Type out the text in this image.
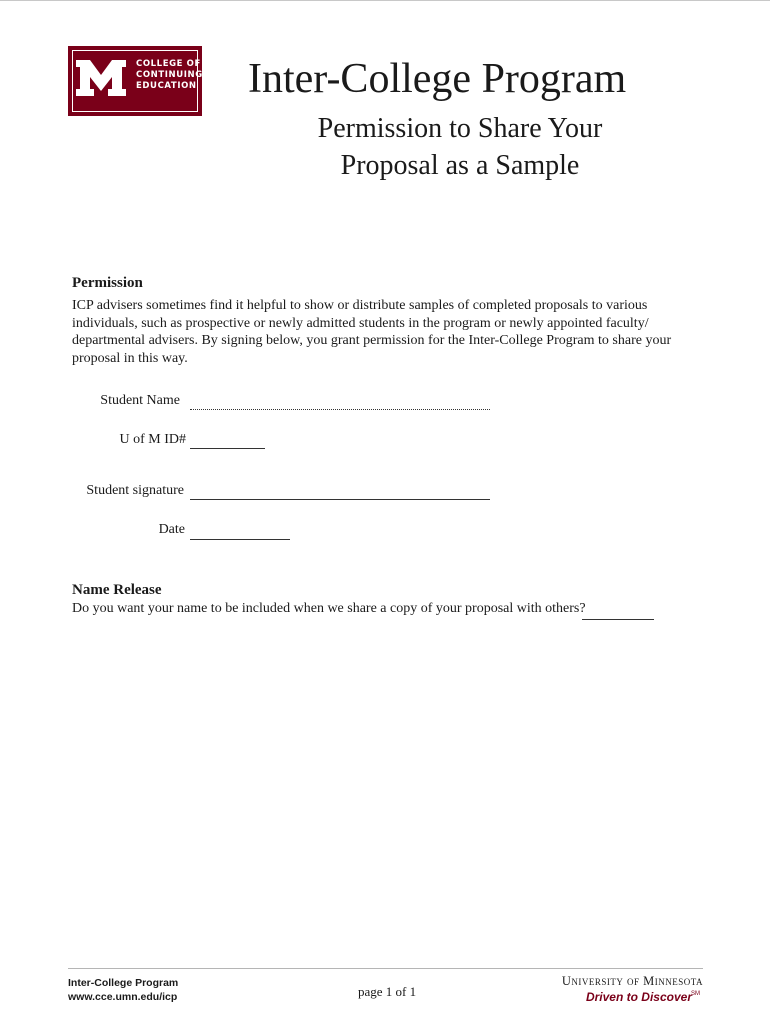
COLLEGE OF
CONTINUING
EDUCATION Inter-College Program
Permission to Share Your Proposal as a Sample
Permission
ICP advisers sometimes find it helpful to show or distribute samples of completed proposals to various individuals, such as prospective or newly admitted students in the program or newly appointed faculty/ departmental advisers. By signing below, you grant permission for the Inter-College Program to share your proposal in this way.
Student Name
U of M ID#
Student signature
Date
Name Release
Do you want your name to be included when we share a copy of your proposal with others?
Inter-College Program
www.cce.umn.edu/icp	page 1 of 1
University of Minnesota
Driven to Discover SM
